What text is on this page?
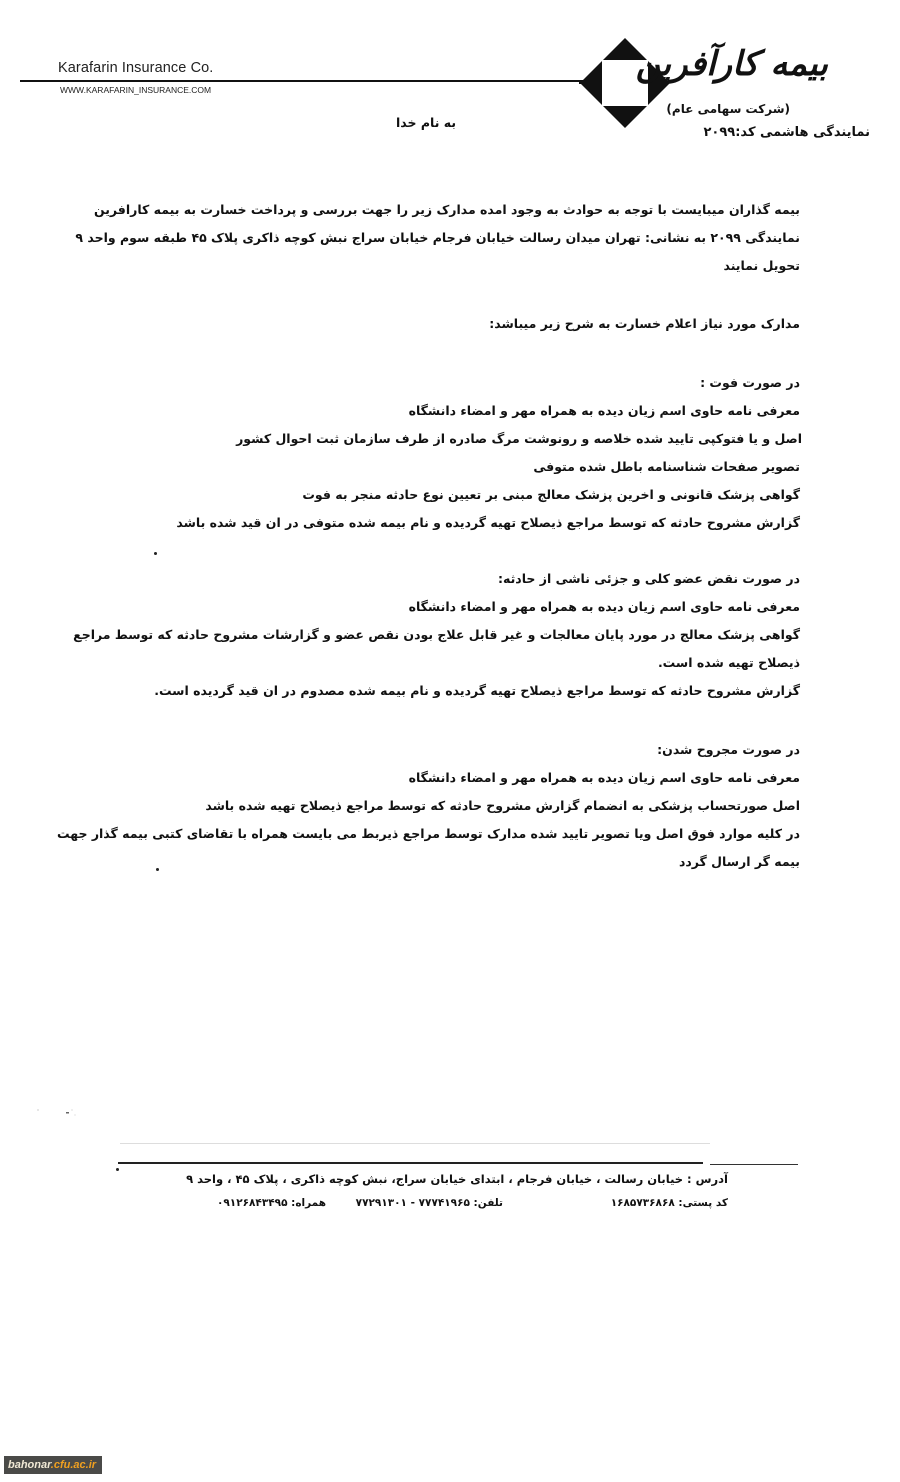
Karafarin Insurance Co.
WWW.KARAFARIN_INSURANCE.COM
بیمه کارآفرین
(شرکت سهامی عام)
نمایندگی هاشمی کد:۲۰۹۹
به نام خدا
بیمه گذاران میبایست با توجه به حوادث به وجود امده مدارک زیر را جهت بررسی و پرداخت خسارت به بیمه کارافرین
نمایندگی ۲۰۹۹ به نشانی: تهران میدان رسالت خیابان فرجام خیابان سراج نبش کوچه ذاکری پلاک ۴۵ طبقه سوم واحد ۹
تحویل نمایند
مدارک مورد نیاز اعلام خسارت به شرح زیر میباشد:
در صورت فوت :
معرفی نامه حاوی اسم زیان دیده به همراه مهر و امضاء دانشگاه
اصل و یا فتوکپی تایید شده خلاصه و رونوشت مرگ صادره از طرف سازمان ثبت احوال کشور
تصویر صفحات شناسنامه باطل شده متوفی
گواهی پزشک قانونی و اخرین پزشک معالج مبنی بر تعیین نوع حادثه منجر به فوت
گزارش مشروح حادثه که توسط مراجع ذیصلاح تهیه گردیده و نام بیمه شده متوفی در ان قید شده باشد
در صورت نقض عضو کلی و جزئی ناشی از حادثه:
معرفی نامه حاوی اسم زیان دیده به همراه مهر و امضاء دانشگاه
گواهی پزشک معالج در مورد پایان معالجات و غیر قابل علاج بودن نقص عضو و گزارشات مشروح حادثه که توسط مراجع
ذیصلاح تهیه شده است.
گزارش مشروح حادثه که توسط مراجع ذیصلاح تهیه گردیده و نام بیمه شده مصدوم در ان قید گردیده است.
در صورت مجروح شدن:
معرفی نامه حاوی اسم زیان دیده به همراه مهر و امضاء دانشگاه
اصل صورتحساب پزشکی به انضمام گزارش مشروح حادثه که توسط مراجع ذیصلاح تهیه شده باشد
در کلیه موارد فوق اصل ویا تصویر تایید شده مدارک توسط مراجع ذیربط می بایست همراه با تقاضای کتبی بیمه گذار جهت
بیمه گر ارسال گردد
آدرس : خیابان رسالت ، خیابان فرجام ، ابتدای خیابان سراج، نبش کوچه ذاکری ، پلاک ۴۵ ، واحد ۹
کد پستی: ۱۶۸۵۷۳۶۸۶۸
تلفن: ۷۷۷۴۱۹۶۵ - ۷۷۲۹۱۳۰۱
همراه: ۰۹۱۲۶۸۴۳۴۹۵
bahonar.cfu.ac.ir
